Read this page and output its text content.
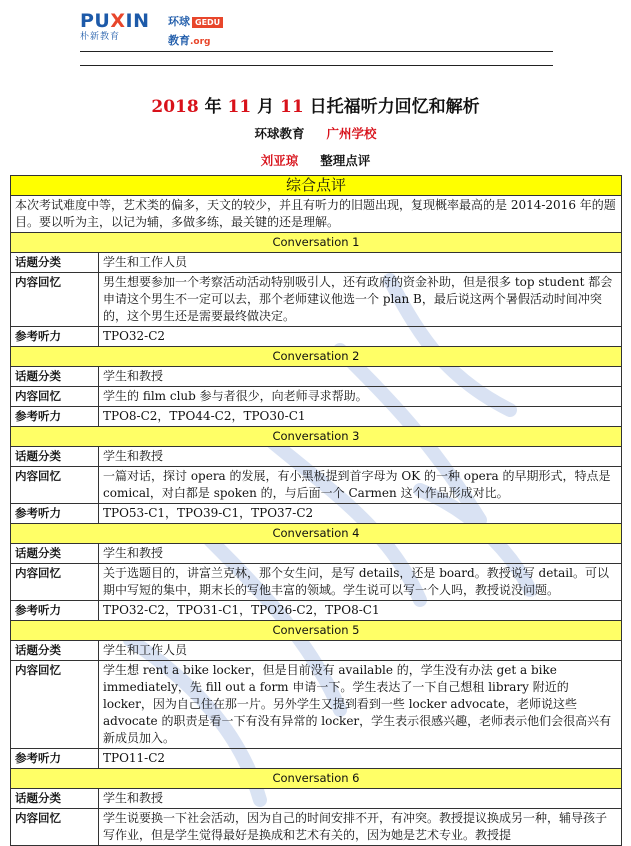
PUXIN
朴新教育
环球 GEDU
教育.org
2018 年 11 月 11 日托福听力回忆和解析
环球教育 广州学校
刘亚琼 整理点评
综合点评	
本次考试难度中等，艺术类的偏多，天文的较少，并且有听力的旧题出现，复现概率最高的是 2014-2016 年的题目。要以听为主，以记为辅，多做多练，最关键的还是理解。	
Conversation 1	
话题分类	学生和工作人员
内容回忆	男生想要参加一个考察活动活动特别吸引人，还有政府的资金补助，但是很多 top student 都会申请这个男生不一定可以去，那个老师建议他选一个 plan B，最后说这两个暑假活动时间冲突的，这个男生还是需要最终做决定。
参考听力	TPO32-C2
Conversation 2	
话题分类	学生和教授
内容回忆	学生的 film club 参与者很少，向老师寻求帮助。
参考听力	TPO8-C2，TPO44-C2，TPO30-C1
Conversation 3	
话题分类	学生和教授
内容回忆	一篇对话，探讨 opera 的发展，有小黑板提到首字母为 OK 的一种 opera 的早期形式，特点是 comical，对白都是 spoken 的，与后面一个 Carmen 这个作品形成对比。
参考听力	TPO53-C1，TPO39-C1，TPO37-C2
Conversation 4	
话题分类	学生和教授
内容回忆	关于选题目的，讲富兰克林，那个女生问，是写 details，还是 board。教授说写 detail。可以期中写短的集中，期末长的写他丰富的领域。学生说可以写一个人吗，教授说没问题。
参考听力	TPO32-C2，TPO31-C1，TPO26-C2，TPO8-C1
Conversation 5	
话题分类	学生和工作人员
内容回忆	学生想 rent a bike locker，但是目前没有 available 的，学生没有办法 get a bike immediately，先 fill out a form 申请一下。学生表达了一下自己想租 library 附近的 locker，因为自己住在那一片。另外学生又提到看到一些 locker advocate，老师说这些 advocate 的职责是看一下有没有异常的 locker，学生表示很感兴趣，老师表示他们会很高兴有新成员加入。
参考听力	TPO11-C2
Conversation 6	
话题分类	学生和教授
内容回忆	学生说要换一下社会活动，因为自己的时间安排不开，有冲突。教授提议换成另一种，辅导孩子写作业，但是学生觉得最好是换成和艺术有关的，因为她是艺术专业。教授提
